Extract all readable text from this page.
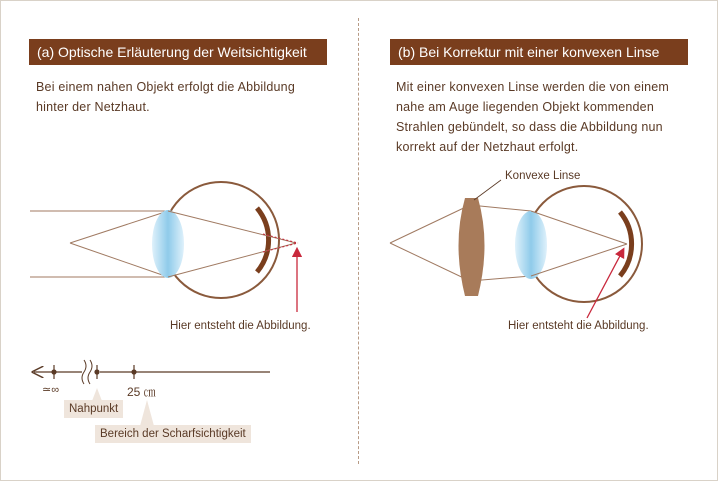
(a) Optische Erläuterung der Weitsichtigkeit
Bei einem nahen Objekt erfolgt die Abbildung
hinter der Netzhaut.
(b) Bei Korrektur mit einer konvexen Linse
Mit einer konvexen Linse werden die von einem
nahe am Auge liegenden Objekt kommenden
Strahlen gebündelt, so dass die Abbildung nun
korrekt auf der Netzhaut erfolgt.
Hier entsteht die Abbildung.
≃∞	25 ㎝
Nahpunkt
Bereich der Scharfsichtigkeit
Konvexe Linse
Hier entsteht die Abbildung.
